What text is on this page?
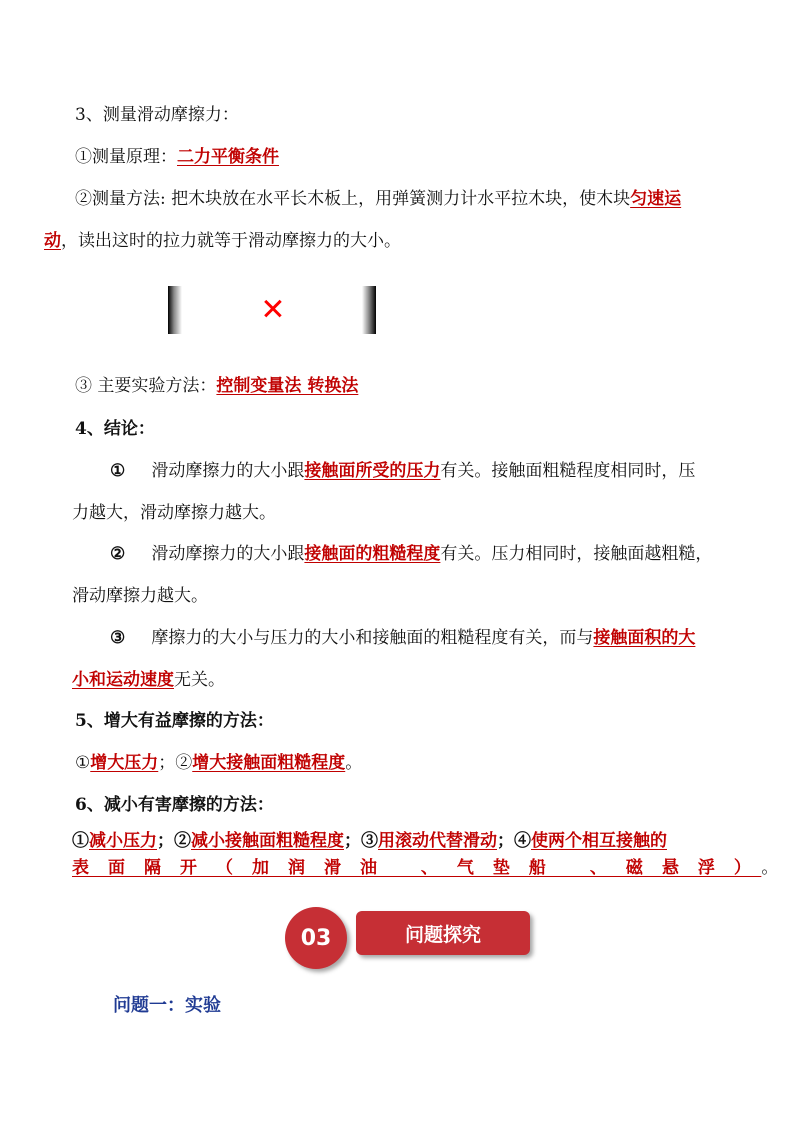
3、测量滑动摩擦力：
①测量原理：二力平衡条件
②测量方法: 把木块放在水平长木板上，用弹簧测力计水平拉木块，使木块匀速运
动，读出这时的拉力就等于滑动摩擦力的大小。
✕
③ 主要实验方法：控制变量法 转换法
4、结论：
① 滑动摩擦力的大小跟接触面所受的压力有关。接触面粗糙程度相同时，压
力越大，滑动摩擦力越大。
② 滑动摩擦力的大小跟接触面的粗糙程度有关。压力相同时，接触面越粗糙，
滑动摩擦力越大。
③ 摩擦力的大小与压力的大小和接触面的粗糙程度有关，而与接触面积的大
小和运动速度无关。
5、增大有益摩擦的方法：
①增大压力；②增大接触面粗糙程度。
6、减小有害摩擦的方法：
①减小压力；②减小接触面粗糙程度；③用滚动代替滑动；④使两个相互接触的
表面隔开（加润滑油 、气垫船 、磁悬浮）。
03	问题探究
问题一：实验
